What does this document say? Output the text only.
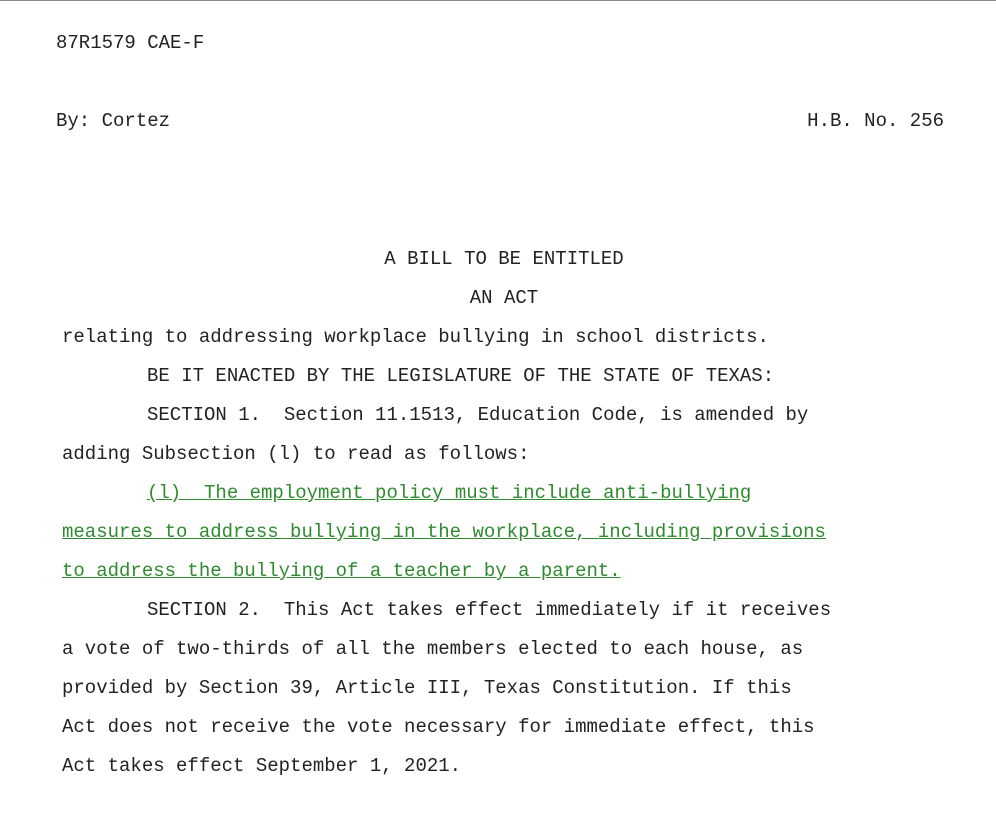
87R1579 CAE-F
By: Cortez	H.B. No. 256
A BILL TO BE ENTITLED
AN ACT
relating to addressing workplace bullying in school districts.
BE IT ENACTED BY THE LEGISLATURE OF THE STATE OF TEXAS:
SECTION 1.  Section 11.1513, Education Code, is amended by
adding Subsection (l) to read as follows:
(l)  The employment policy must include anti-bullying
measures to address bullying in the workplace, including provisions
to address the bullying of a teacher by a parent.
SECTION 2.  This Act takes effect immediately if it receives
a vote of two-thirds of all the members elected to each house, as
provided by Section 39, Article III, Texas Constitution. If this
Act does not receive the vote necessary for immediate effect, this
Act takes effect September 1, 2021.
